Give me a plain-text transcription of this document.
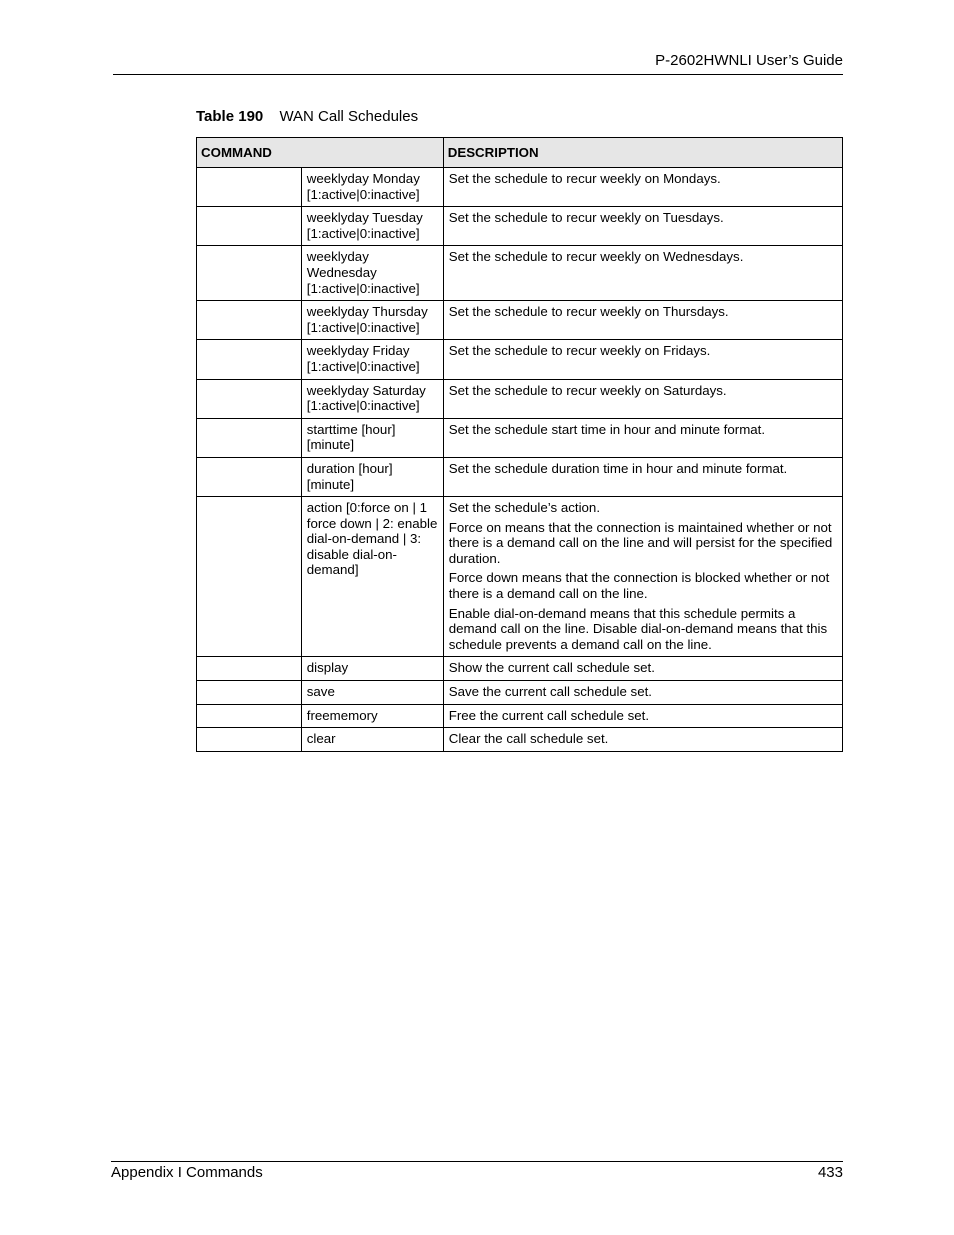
P-2602HWNLI User’s Guide
Table 190 WAN Call Schedules
COMMAND		DESCRIPTION
	weeklyday Monday [1:active|0:inactive]	Set the schedule to recur weekly on Mondays.

	weeklyday Tuesday [1:active|0:inactive]	Set the schedule to recur weekly on Tuesdays.

	weeklyday Wednesday [1:active|0:inactive]	Set the schedule to recur weekly on Wednesdays.

	weeklyday Thursday [1:active|0:inactive]	Set the schedule to recur weekly on Thursdays.

	weeklyday Friday [1:active|0:inactive]	Set the schedule to recur weekly on Fridays.

	weeklyday Saturday [1:active|0:inactive]	Set the schedule to recur weekly on Saturdays.

	starttime [hour] [minute]	Set the schedule start time in hour and minute format.

	duration [hour] [minute]	Set the schedule duration time in hour and minute format.

	action [0:force on | 1 force down | 2: enable dial-on-demand | 3: disable dial-on-demand]	Set the schedule’s action.

Force on means that the connection is maintained whether or not there is a demand call on the line and will persist for the specified duration.

Force down means that the connection is blocked whether or not there is a demand call on the line.

Enable dial-on-demand means that this schedule permits a demand call on the line. Disable dial-on-demand means that this schedule prevents a demand call on the line.

	display	Show the current call schedule set.

	save	Save the current call schedule set.

	freememory	Free the current call schedule set.

	clear	Clear the call schedule set.

Appendix I Commands	433
